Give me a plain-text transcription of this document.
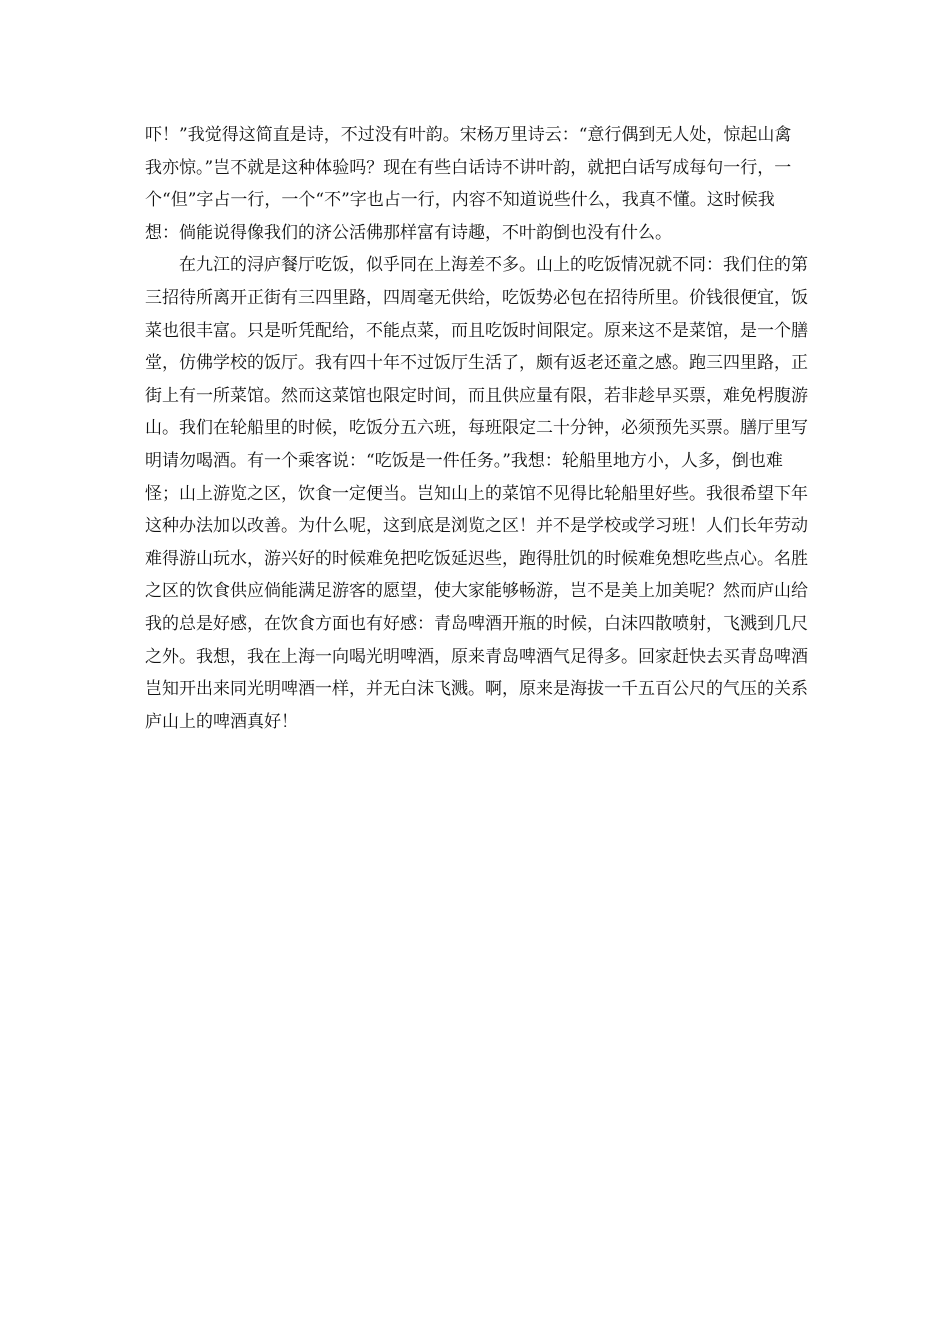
吓！”我觉得这简直是诗，不过没有叶韵。宋杨万里诗云：“意行偶到无人处，惊起山禽
我亦惊。”岂不就是这种体验吗？现在有些白话诗不讲叶韵，就把白话写成每句一行，一
个“但”字占一行，一个“不”字也占一行，内容不知道说些什么，我真不懂。这时候我
想：倘能说得像我们的济公活佛那样富有诗趣，不叶韵倒也没有什么。
　　在九江的浔庐餐厅吃饭，似乎同在上海差不多。山上的吃饭情况就不同：我们住的第
三招待所离开正街有三四里路，四周毫无供给，吃饭势必包在招待所里。价钱很便宜，饭
菜也很丰富。只是听凭配给，不能点菜，而且吃饭时间限定。原来这不是菜馆，是一个膳
堂，仿佛学校的饭厅。我有四十年不过饭厅生活了，颇有返老还童之感。跑三四里路，正
街上有一所菜馆。然而这菜馆也限定时间，而且供应量有限，若非趁早买票，难免枵腹游
山。我们在轮船里的时候，吃饭分五六班，每班限定二十分钟，必须预先买票。膳厅里写
明请勿喝酒。有一个乘客说：“吃饭是一件任务。”我想：轮船里地方小，人多，倒也难
怪；山上游览之区，饮食一定便当。岂知山上的菜馆不见得比轮船里好些。我很希望下年
这种办法加以改善。为什么呢，这到底是浏览之区！并不是学校或学习班！人们长年劳动
难得游山玩水，游兴好的时候难免把吃饭延迟些，跑得肚饥的时候难免想吃些点心。名胜
之区的饮食供应倘能满足游客的愿望，使大家能够畅游，岂不是美上加美呢？然而庐山给
我的总是好感，在饮食方面也有好感：青岛啤酒开瓶的时候，白沫四散喷射，飞溅到几尺
之外。我想，我在上海一向喝光明啤酒，原来青岛啤酒气足得多。回家赶快去买青岛啤酒
岂知开出来同光明啤酒一样，并无白沫飞溅。啊，原来是海拔一千五百公尺的气压的关系
庐山上的啤酒真好！
